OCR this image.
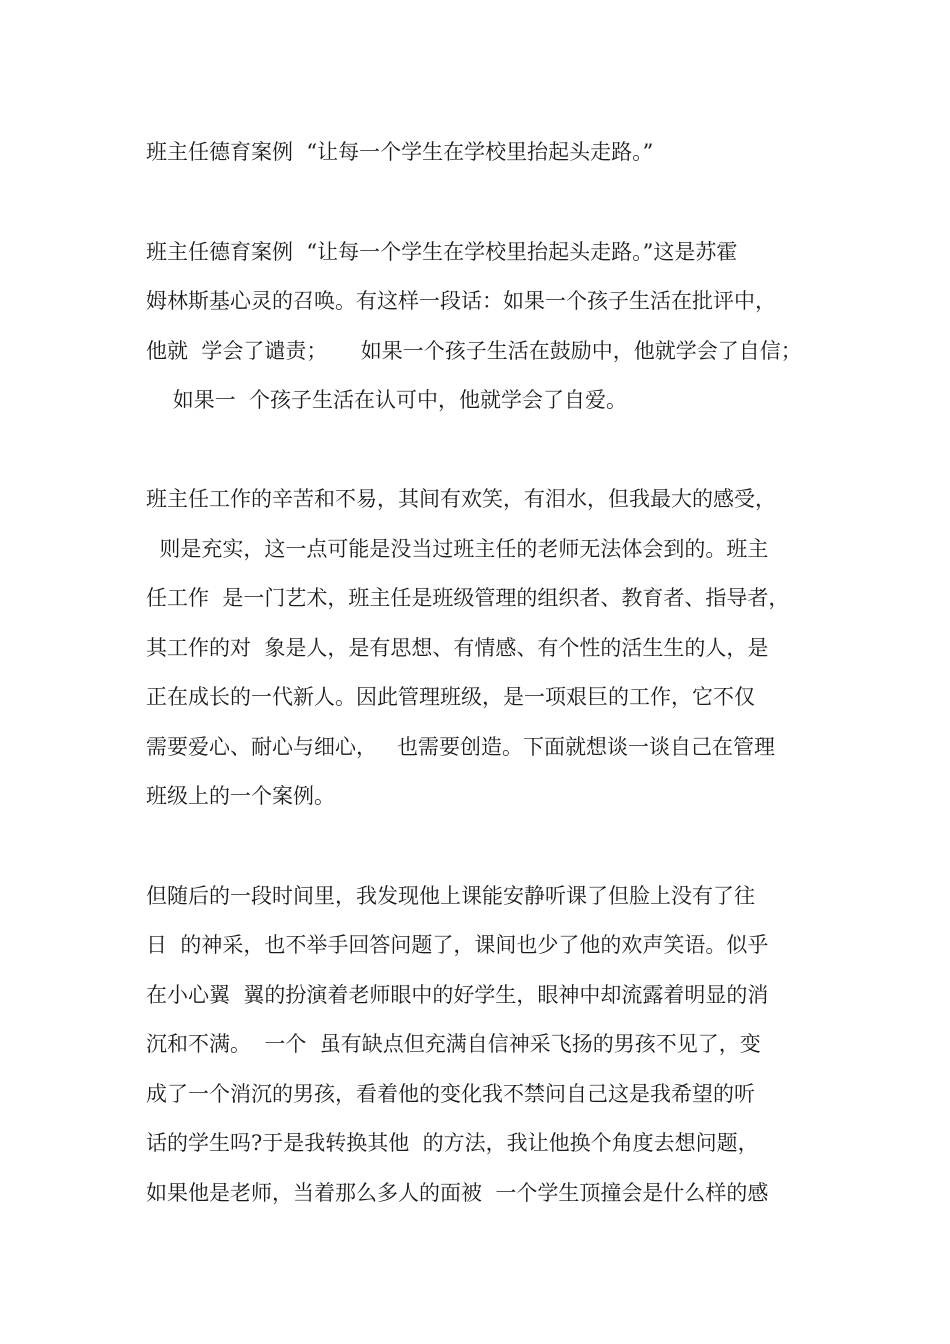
班主任德育案例  “让每一个学生在学校里抬起头走路。”

班主任德育案例  “让每一个学生在学校里抬起头走路。”这是苏霍

姆林斯基心灵的召唤。有这样一段话：如果一个孩子生活在批评中，

他就  学会了谴责；     如果一个孩子生活在鼓励中，他就学会了自信；

如果一  个孩子生活在认可中，他就学会了自爱。

班主任工作的辛苦和不易，其间有欢笑，有泪水，但我最大的感受，

则是充实，这一点可能是没当过班主任的老师无法体会到的。班主

任工作  是一门艺术，班主任是班级管理的组织者、教育者、指导者，

其工作的对  象是人，是有思想、有情感、有个性的活生生的人，是

正在成长的一代新人。因此管理班级，是一项艰巨的工作，它不仅

需要爱心、耐心与细心，   也需要创造。下面就想谈一谈自己在管理

班级上的一个案例。

但随后的一段时间里，我发现他上课能安静听课了但脸上没有了往

日  的神采，也不举手回答问题了，课间也少了他的欢声笑语。似乎

在小心翼  翼的扮演着老师眼中的好学生，眼神中却流露着明显的消

沉和不满。  一个  虽有缺点但充满自信神采飞扬的男孩不见了，变

成了一个消沉的男孩，看着他的变化我不禁问自己这是我希望的听

话的学生吗?于是我转换其他  的方法，我让他换个角度去想问题，

如果他是老师，当着那么多人的面被  一个学生顶撞会是什么样的感
